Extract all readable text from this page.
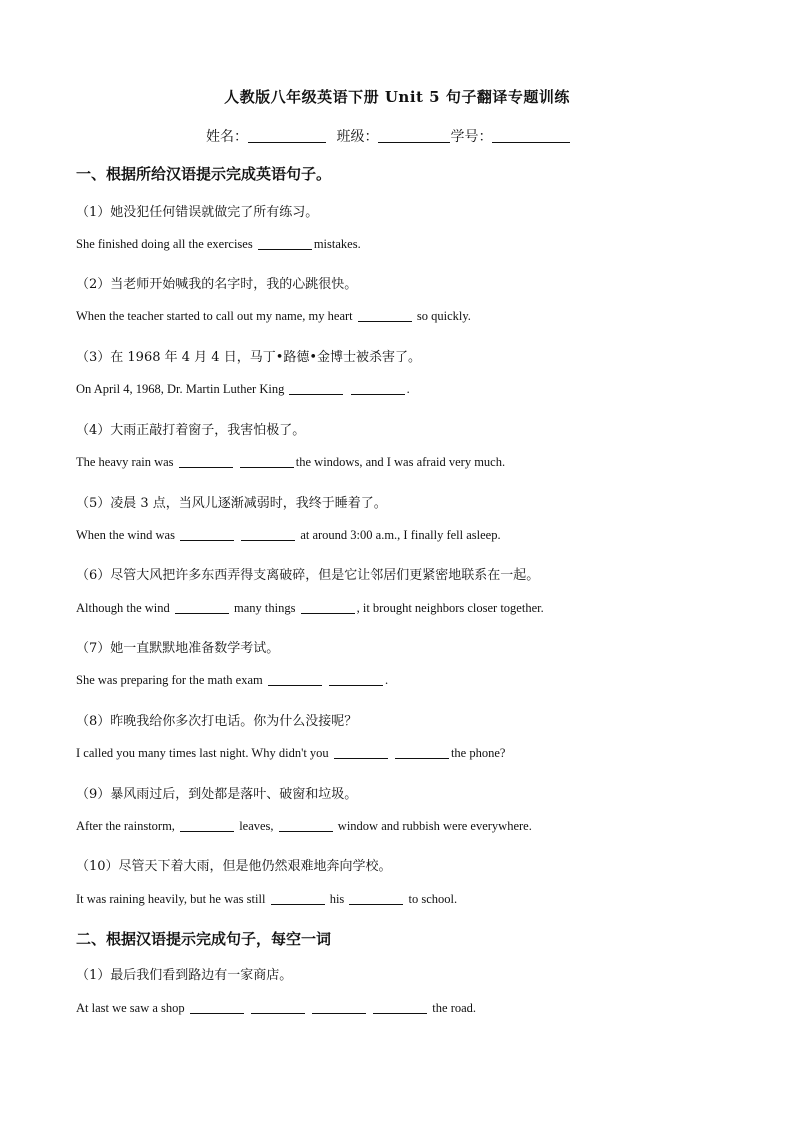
人教版八年级英语下册 Unit 5 句子翻译专题训练
姓名：	班级：	学号：
一、根据所给汉语提示完成英语句子。
（1）她没犯任何错误就做完了所有练习。
She finished doing all the exercises	mistakes.
（2）当老师开始喊我的名字时，我的心跳很快。
When the teacher started to call out my name, my heart	so quickly.
（3）在 1968 年 4 月 4 日，马丁•路德•金博士被杀害了。
On April 4, 1968, Dr. Martin Luther King	.
（4）大雨正敲打着窗子，我害怕极了。
The heavy rain was	the windows, and I was afraid very much.
（5）凌晨 3 点，当风儿逐渐减弱时，我终于睡着了。
When the wind was	at around 3:00 a.m., I finally fell asleep.
（6）尽管大风把许多东西弄得支离破碎，但是它让邻居们更紧密地联系在一起。
Although the wind	many things	, it brought neighbors closer together.
（7）她一直默默地准备数学考试。
She was preparing for the math exam	.
（8）昨晚我给你多次打电话。你为什么没接呢？
I called you many times last night. Why didn't you	the phone?
（9）暴风雨过后，到处都是落叶、破窗和垃圾。
After the rainstorm,	leaves,	window and rubbish were everywhere.
（10）尽管天下着大雨，但是他仍然艰难地奔向学校。
It was raining heavily, but he was still	his	to school.
二、根据汉语提示完成句子，每空一词
（1）最后我们看到路边有一家商店。
At last we saw a shop	the road.
